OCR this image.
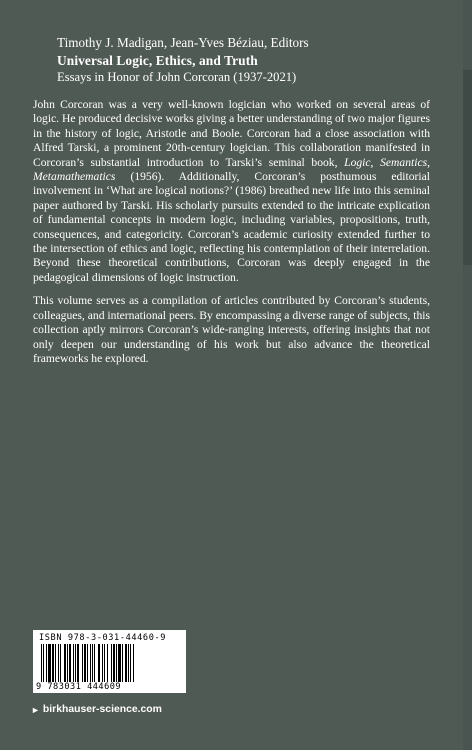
Timothy J. Madigan, Jean-Yves Béziau, Editors
Universal Logic, Ethics, and Truth
Essays in Honor of John Corcoran (1937-2021)

John Corcoran was a very well-known logician who worked on several areas of logic. He produced decisive works giving a better understanding of two major figures in the history of logic, Aristotle and Boole. Corcoran had a close association with Alfred Tarski, a prominent 20th-century logician. This collaboration manifested in Corcoran’s substantial introduction to Tarski’s seminal book, Logic, Semantics, Metamathematics (1956). Additionally, Corcoran’s posthumous editorial involvement in ‘What are logical notions?’ (1986) breathed new life into this seminal paper authored by Tarski. His scholarly pursuits extended to the intricate explication of fundamental concepts in modern logic, including variables, propositions, truth, consequences, and categoricity. Corcoran’s academic curiosity extended further to the intersection of ethics and logic, reflecting his contemplation of their interrelation. Beyond these theoretical contributions, Corcoran was deeply engaged in the pedagogical dimensions of logic instruction.

This volume serves as a compilation of articles contributed by Corcoran’s students, colleagues, and international peers. By encompassing a diverse range of subjects, this collection aptly mirrors Corcoran’s wide-ranging interests, offering insights that not only deepen our understanding of his work but also advance the theoretical frameworks he explored.

ISBN 978-3-031-44460-9
9 783031 444609
► birkhauser-science.com
